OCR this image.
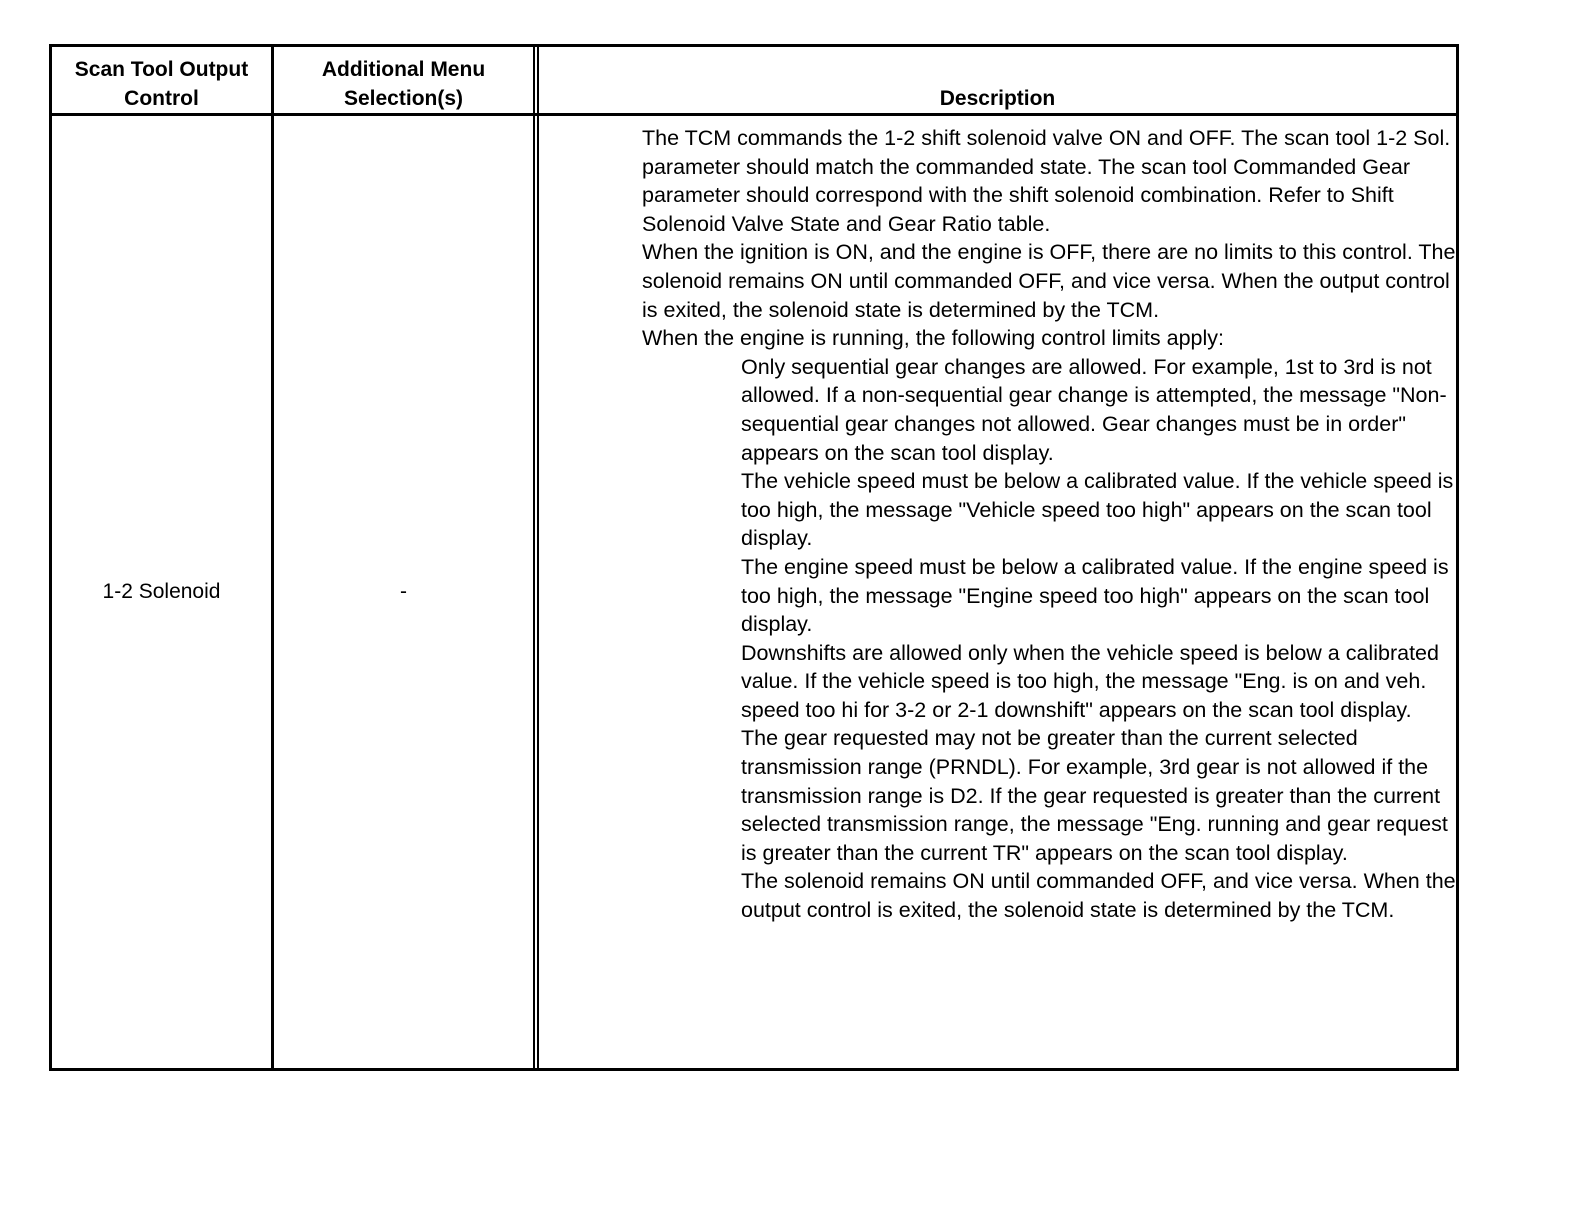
Scan Tool Output Control
Additional Menu Selection(s)	Description
1-2 Solenoid	-

The TCM commands the 1-2 shift solenoid valve ON and OFF. The scan tool 1-2 Sol. parameter should match the commanded state. The scan tool Commanded Gear parameter should correspond with the shift solenoid combination. Refer to Shift Solenoid Valve State and Gear Ratio table.

When the ignition is ON, and the engine is OFF, there are no limits to this control. The solenoid remains ON until commanded OFF, and vice versa. When the output control is exited, the solenoid state is determined by the TCM.

When the engine is running, the following control limits apply:

Only sequential gear changes are allowed. For example, 1st to 3rd is not allowed. If a non-sequential gear change is attempted, the message "Non-sequential gear changes not allowed. Gear changes must be in order" appears on the scan tool display.

The vehicle speed must be below a calibrated value. If the vehicle speed is too high, the message "Vehicle speed too high" appears on the scan tool display.

The engine speed must be below a calibrated value. If the engine speed is too high, the message "Engine speed too high" appears on the scan tool display.

Downshifts are allowed only when the vehicle speed is below a calibrated value. If the vehicle speed is too high, the message "Eng. is on and veh. speed too hi for 3-2 or 2-1 downshift" appears on the scan tool display.

The gear requested may not be greater than the current selected transmission range (PRNDL). For example, 3rd gear is not allowed if the transmission range is D2. If the gear requested is greater than the current selected transmission range, the message "Eng. running and gear request is greater than the current TR" appears on the scan tool display.

The solenoid remains ON until commanded OFF, and vice versa. When the output control is exited, the solenoid state is determined by the TCM.
